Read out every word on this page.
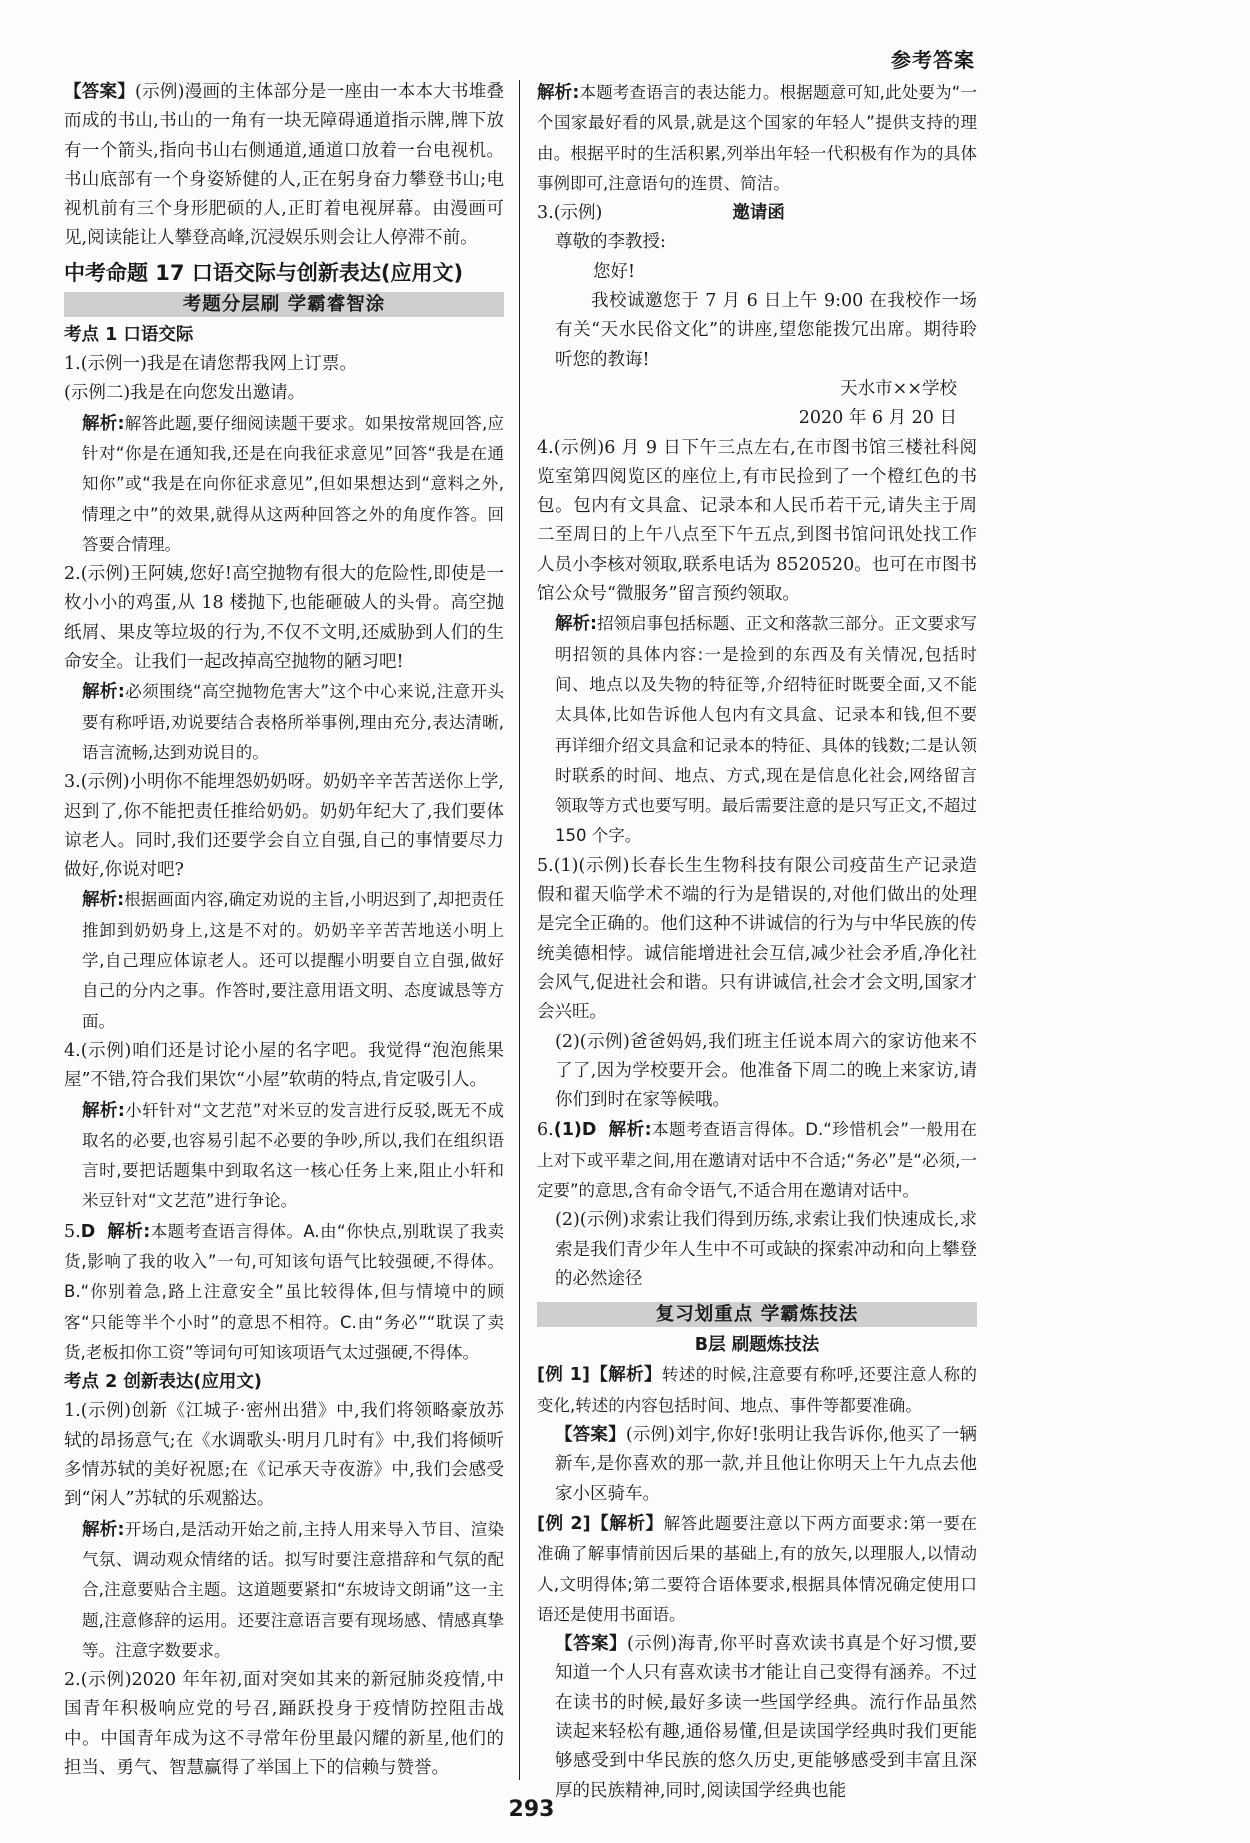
参考答案

【答案】(示例)漫画的主体部分是一座由一本本大书堆叠而成的书山,书山的一角有一块无障碍通道指示牌,牌下放有一个箭头,指向书山右侧通道,通道口放着一台电视机。书山底部有一个身姿矫健的人,正在躬身奋力攀登书山;电视机前有三个身形肥硕的人,正盯着电视屏幕。由漫画可见,阅读能让人攀登高峰,沉浸娱乐则会让人停滞不前。

中考命题 17 口语交际与创新表达(应用文)
考题分层刷 学霸睿智涂
考点 1 口语交际

1.(示例一)我是在请您帮我网上订票。
(示例二)我是在向您发出邀请。

解析:解答此题,要仔细阅读题干要求。如果按常规回答,应针对“你是在通知我,还是在向我征求意见”回答“我是在通知你”或“我是在向你征求意见”,但如果想达到“意料之外,情理之中”的效果,就得从这两种回答之外的角度作答。回答要合情理。

2.(示例)王阿姨,您好!高空抛物有很大的危险性,即使是一枚小小的鸡蛋,从 18 楼抛下,也能砸破人的头骨。高空抛纸屑、果皮等垃圾的行为,不仅不文明,还威胁到人们的生命安全。让我们一起改掉高空抛物的陋习吧!

解析:必须围绕“高空抛物危害大”这个中心来说,注意开头要有称呼语,劝说要结合表格所举事例,理由充分,表达清晰,语言流畅,达到劝说目的。

3.(示例)小明你不能埋怨奶奶呀。奶奶辛辛苦苦送你上学,迟到了,你不能把责任推给奶奶。奶奶年纪大了,我们要体谅老人。同时,我们还要学会自立自强,自己的事情要尽力做好,你说对吧?

解析:根据画面内容,确定劝说的主旨,小明迟到了,却把责任推卸到奶奶身上,这是不对的。奶奶辛辛苦苦地送小明上学,自己理应体谅老人。还可以提醒小明要自立自强,做好自己的分内之事。作答时,要注意用语文明、态度诚恳等方面。

4.(示例)咱们还是讨论小屋的名字吧。我觉得“泡泡熊果屋”不错,符合我们果饮“小屋”软萌的特点,肯定吸引人。

解析:小轩针对“文艺范”对米豆的发言进行反驳,既无不成取名的必要,也容易引起不必要的争吵,所以,我们在组织语言时,要把话题集中到取名这一核心任务上来,阻止小轩和米豆针对“文艺范”进行争论。

5.D 解析:本题考查语言得体。A.由“你快点,别耽误了我卖货,影响了我的收入”一句,可知该句语气比较强硬,不得体。B.“你别着急,路上注意安全”虽比较得体,但与情境中的顾客“只能等半个小时”的意思不相符。C.由“务必”“耽误了卖货,老板扣你工资”等词句可知该项语气太过强硬,不得体。

考点 2 创新表达(应用文)

1.(示例)创新《江城子·密州出猎》中,我们将领略豪放苏轼的昂扬意气;在《水调歌头·明月几时有》中,我们将倾听多情苏轼的美好祝愿;在《记承天寺夜游》中,我们会感受到“闲人”苏轼的乐观豁达。

解析:开场白,是活动开始之前,主持人用来导入节目、渲染气氛、调动观众情绪的话。拟写时要注意措辞和气氛的配合,注意要贴合主题。这道题要紧扣“东坡诗文朗诵”这一主题,注意修辞的运用。还要注意语言要有现场感、情感真挚等。注意字数要求。

2.(示例)2020 年年初,面对突如其来的新冠肺炎疫情,中国青年积极响应党的号召,踊跃投身于疫情防控阻击战中。中国青年成为这不寻常年份里最闪耀的新星,他们的担当、勇气、智慧赢得了举国上下的信赖与赞誉。

解析:本题考查语言的表达能力。根据题意可知,此处要为“一个国家最好看的风景,就是这个国家的年轻人”提供支持的理由。根据平时的生活积累,列举出年轻一代积极有作为的具体事例即可,注意语句的连贯、简洁。

3.(示例)	邀请函

尊敬的李教授:

您好!

我校诚邀您于 7 月 6 日上午 9:00 在我校作一场有关“天水民俗文化”的讲座,望您能拨冗出席。期待聆听您的教诲!

天水市××学校

2020 年 6 月 20 日

4.(示例)6 月 9 日下午三点左右,在市图书馆三楼社科阅览室第四阅览区的座位上,有市民捡到了一个橙红色的书包。包内有文具盒、记录本和人民币若干元,请失主于周二至周日的上午八点至下午五点,到图书馆问讯处找工作人员小李核对领取,联系电话为 8520520。也可在市图书馆公众号“微服务”留言预约领取。

解析:招领启事包括标题、正文和落款三部分。正文要求写明招领的具体内容:一是捡到的东西及有关情况,包括时间、地点以及失物的特征等,介绍特征时既要全面,又不能太具体,比如告诉他人包内有文具盒、记录本和钱,但不要再详细介绍文具盒和记录本的特征、具体的钱数;二是认领时联系的时间、地点、方式,现在是信息化社会,网络留言领取等方式也要写明。最后需要注意的是只写正文,不超过 150 个字。

5.(1)(示例)长春长生生物科技有限公司疫苗生产记录造假和翟天临学术不端的行为是错误的,对他们做出的处理是完全正确的。他们这种不讲诚信的行为与中华民族的传统美德相悖。诚信能增进社会互信,减少社会矛盾,净化社会风气,促进社会和谐。只有讲诚信,社会才会文明,国家才会兴旺。

(2)(示例)爸爸妈妈,我们班主任说本周六的家访他来不了了,因为学校要开会。他准备下周二的晚上来家访,请你们到时在家等候哦。

6.(1)D 解析:本题考查语言得体。D.“珍惜机会”一般用在上对下或平辈之间,用在邀请对话中不合适;“务必”是“必须,一定要”的意思,含有命令语气,不适合用在邀请对话中。

(2)(示例)求索让我们得到历练,求索让我们快速成长,求索是我们青少年人生中不可或缺的探索冲动和向上攀登的必然途径

复习划重点 学霸炼技法
B层 刷题炼技法

[例 1]【解析】转述的时候,注意要有称呼,还要注意人称的变化,转述的内容包括时间、地点、事件等都要准确。

【答案】(示例)刘宇,你好!张明让我告诉你,他买了一辆新车,是你喜欢的那一款,并且他让你明天上午九点去他家小区骑车。

[例 2]【解析】解答此题要注意以下两方面要求:第一要在准确了解事情前因后果的基础上,有的放矢,以理服人,以情动人,文明得体;第二要符合语体要求,根据具体情况确定使用口语还是使用书面语。

【答案】(示例)海青,你平时喜欢读书真是个好习惯,要知道一个人只有喜欢读书才能让自己变得有涵养。不过在读书的时候,最好多读一些国学经典。流行作品虽然读起来轻松有趣,通俗易懂,但是读国学经典时我们更能够感受到中华民族的悠久历史,更能够感受到丰富且深厚的民族精神,同时,阅读国学经典也能

293
